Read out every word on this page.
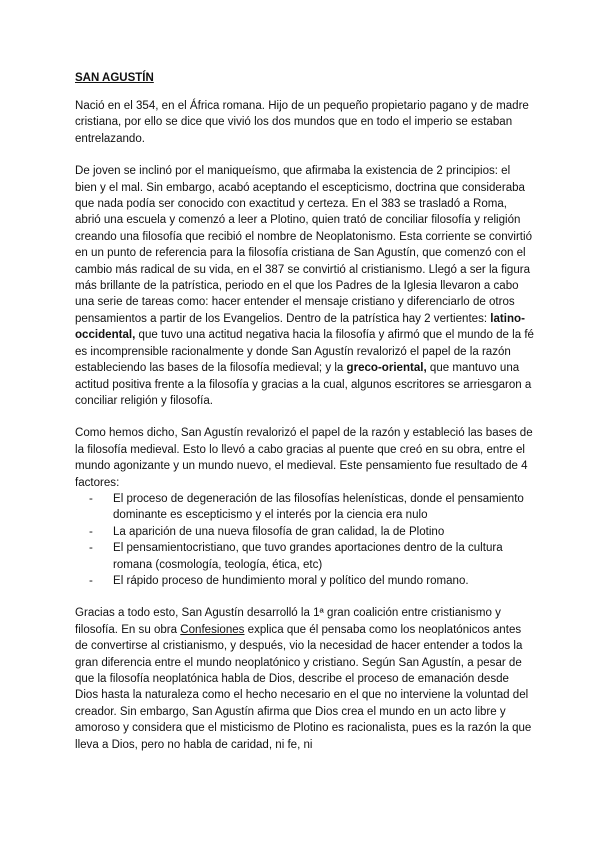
SAN AGUSTÍN

Nació en el 354, en el África romana. Hijo de un pequeño propietario pagano y de madre cristiana, por ello se dice que vivió los dos mundos que en todo el imperio se estaban entrelazando.

De joven se inclinó por el maniqueísmo, que afirmaba la existencia de 2 principios: el bien y el mal. Sin embargo, acabó aceptando el escepticismo, doctrina que consideraba que nada podía ser conocido con exactitud y certeza. En el 383 se trasladó a Roma, abrió una escuela y comenzó a leer a Plotino, quien trató de conciliar filosofía y religión creando una filosofía que recibió el nombre de Neoplatonismo. Esta corriente se convirtió en un punto de referencia para la filosofía cristiana de San Agustín, que comenzó con el cambio más radical de su vida, en el 387 se convirtió al cristianismo. Llegó a ser la figura más brillante de la patrística, periodo en el que los Padres de la Iglesia llevaron a cabo una serie de tareas como: hacer entender el mensaje cristiano y diferenciarlo de otros pensamientos a partir de los Evangelios. Dentro de la patrística hay 2 vertientes: latino-occidental, que tuvo una actitud negativa hacia la filosofía y afirmó que el mundo de la fé es incomprensible racionalmente y donde San Agustín revalorizó el papel de la razón estableciendo las bases de la filosofía medieval; y la greco-oriental, que mantuvo una actitud positiva frente a la filosofía y gracias a la cual, algunos escritores se arriesgaron a conciliar religión y filosofía.

Como hemos dicho, San Agustín revalorizó el papel de la razón y estableció las bases de la filosofía medieval. Esto lo llevó a cabo gracias al puente que creó en su obra, entre el mundo agonizante y un mundo nuevo, el medieval. Este pensamiento fue resultado de 4 factores:

- El proceso de degeneración de las filosofías helenísticas, donde el pensamiento dominante es escepticismo y el interés por la ciencia era nulo
- La aparición de una nueva filosofía de gran calidad, la de Plotino
- El pensamientocristiano, que tuvo grandes aportaciones dentro de la cultura romana (cosmología, teología, ética, etc)
- El rápido proceso de hundimiento moral y político del mundo romano.

Gracias a todo esto, San Agustín desarrolló la 1ª gran coalición entre cristianismo y filosofía. En su obra Confesiones explica que él pensaba como los neoplatónicos antes de convertirse al cristianismo, y después, vio la necesidad de hacer entender a todos la gran diferencia entre el mundo neoplatónico y cristiano. Según San Agustín, a pesar de que la filosofía neoplatónica habla de Dios, describe el proceso de emanación desde Dios hasta la naturaleza como el hecho necesario en el que no interviene la voluntad del creador. Sin embargo, San Agustín afirma que Dios crea el mundo en un acto libre y amoroso y considera que el misticismo de Plotino es racionalista, pues es la razón la que lleva a Dios, pero no habla de caridad, ni fe, ni
